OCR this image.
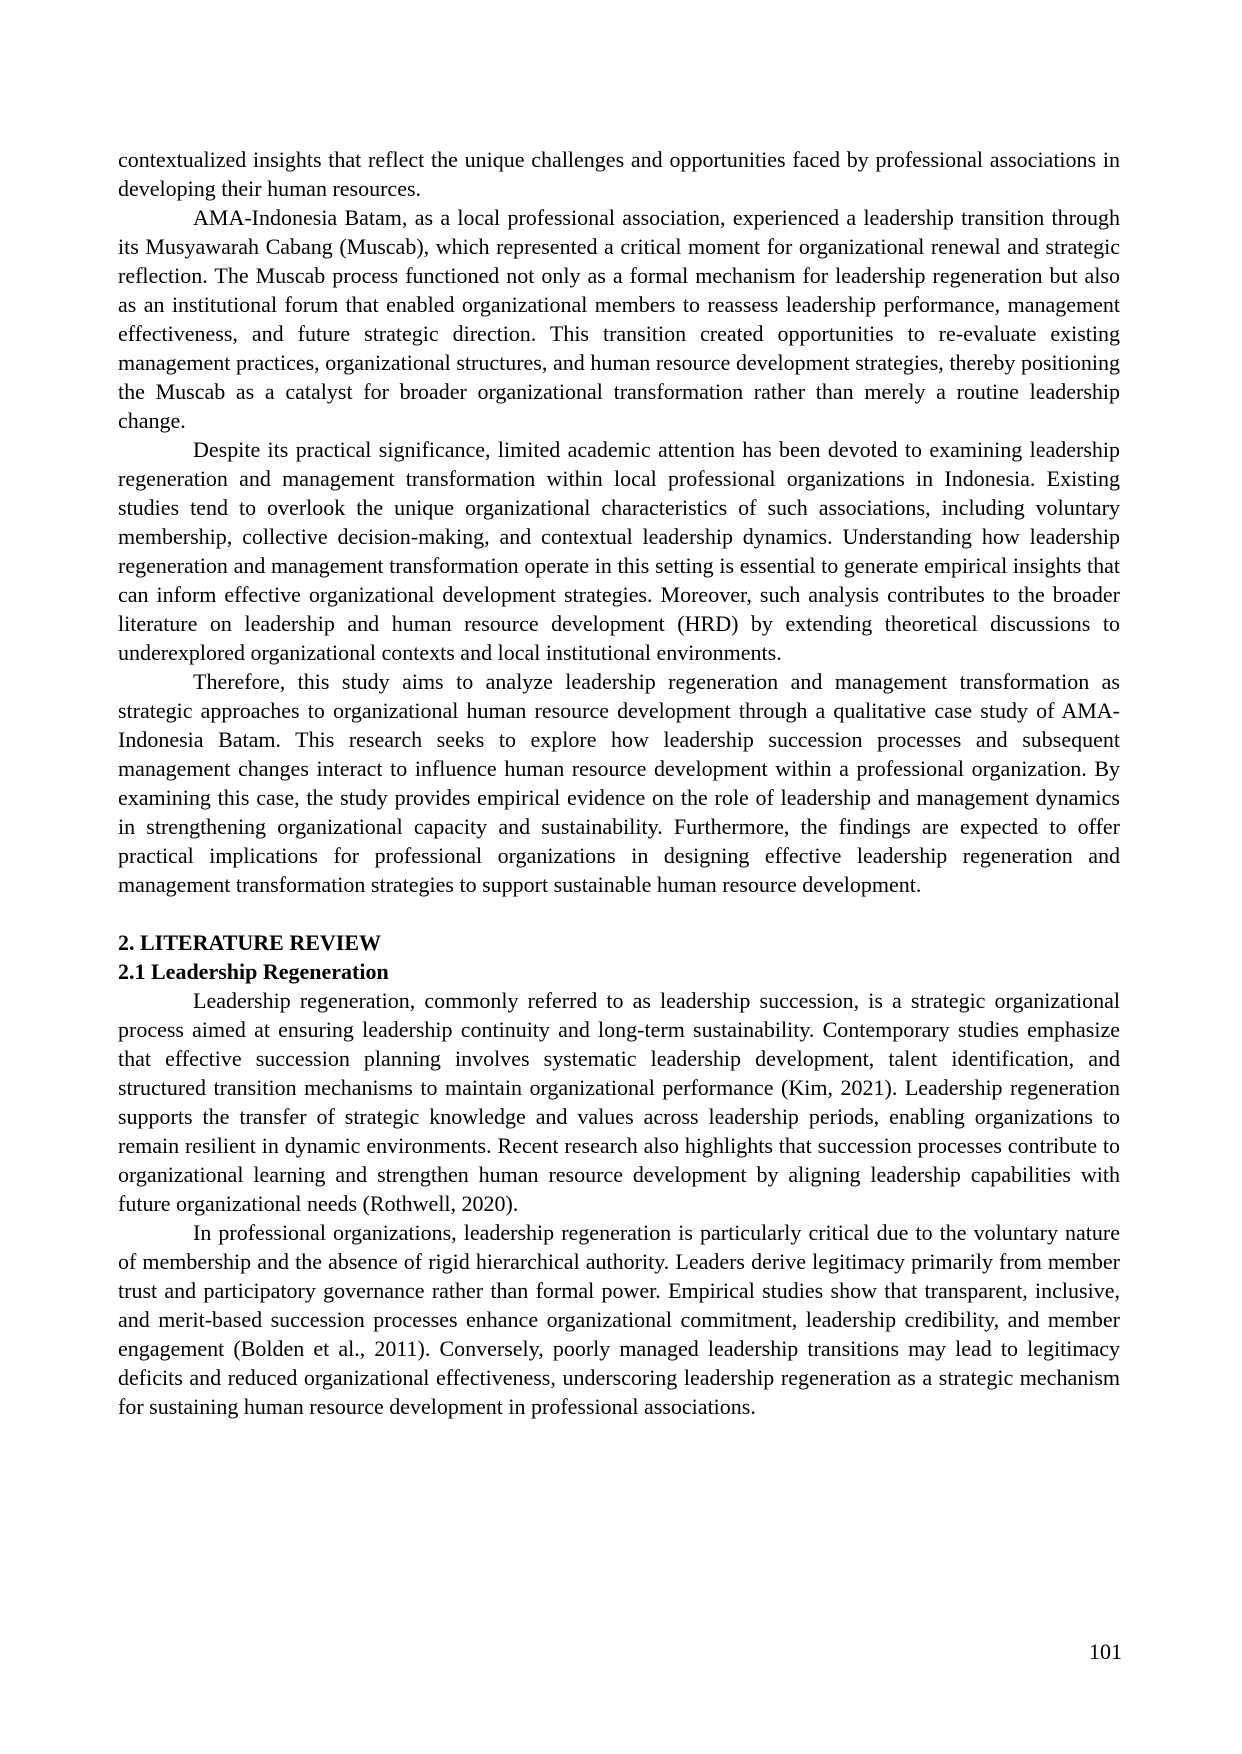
contextualized insights that reflect the unique challenges and opportunities faced by professional associations in developing their human resources.

AMA-Indonesia Batam, as a local professional association, experienced a leadership transition through its Musyawarah Cabang (Muscab), which represented a critical moment for organizational renewal and strategic reflection. The Muscab process functioned not only as a formal mechanism for leadership regeneration but also as an institutional forum that enabled organizational members to reassess leadership performance, management effectiveness, and future strategic direction. This transition created opportunities to re-evaluate existing management practices, organizational structures, and human resource development strategies, thereby positioning the Muscab as a catalyst for broader organizational transformation rather than merely a routine leadership change.

Despite its practical significance, limited academic attention has been devoted to examining leadership regeneration and management transformation within local professional organizations in Indonesia. Existing studies tend to overlook the unique organizational characteristics of such associations, including voluntary membership, collective decision-making, and contextual leadership dynamics. Understanding how leadership regeneration and management transformation operate in this setting is essential to generate empirical insights that can inform effective organizational development strategies. Moreover, such analysis contributes to the broader literature on leadership and human resource development (HRD) by extending theoretical discussions to underexplored organizational contexts and local institutional environments.

Therefore, this study aims to analyze leadership regeneration and management transformation as strategic approaches to organizational human resource development through a qualitative case study of AMA-Indonesia Batam. This research seeks to explore how leadership succession processes and subsequent management changes interact to influence human resource development within a professional organization. By examining this case, the study provides empirical evidence on the role of leadership and management dynamics in strengthening organizational capacity and sustainability. Furthermore, the findings are expected to offer practical implications for professional organizations in designing effective leadership regeneration and management transformation strategies to support sustainable human resource development.

2. LITERATURE REVIEW
2.1 Leadership Regeneration

Leadership regeneration, commonly referred to as leadership succession, is a strategic organizational process aimed at ensuring leadership continuity and long-term sustainability. Contemporary studies emphasize that effective succession planning involves systematic leadership development, talent identification, and structured transition mechanisms to maintain organizational performance (Kim, 2021). Leadership regeneration supports the transfer of strategic knowledge and values across leadership periods, enabling organizations to remain resilient in dynamic environments. Recent research also highlights that succession processes contribute to organizational learning and strengthen human resource development by aligning leadership capabilities with future organizational needs (Rothwell, 2020).

In professional organizations, leadership regeneration is particularly critical due to the voluntary nature of membership and the absence of rigid hierarchical authority. Leaders derive legitimacy primarily from member trust and participatory governance rather than formal power. Empirical studies show that transparent, inclusive, and merit-based succession processes enhance organizational commitment, leadership credibility, and member engagement (Bolden et al., 2011). Conversely, poorly managed leadership transitions may lead to legitimacy deficits and reduced organizational effectiveness, underscoring leadership regeneration as a strategic mechanism for sustaining human resource development in professional associations.

101
